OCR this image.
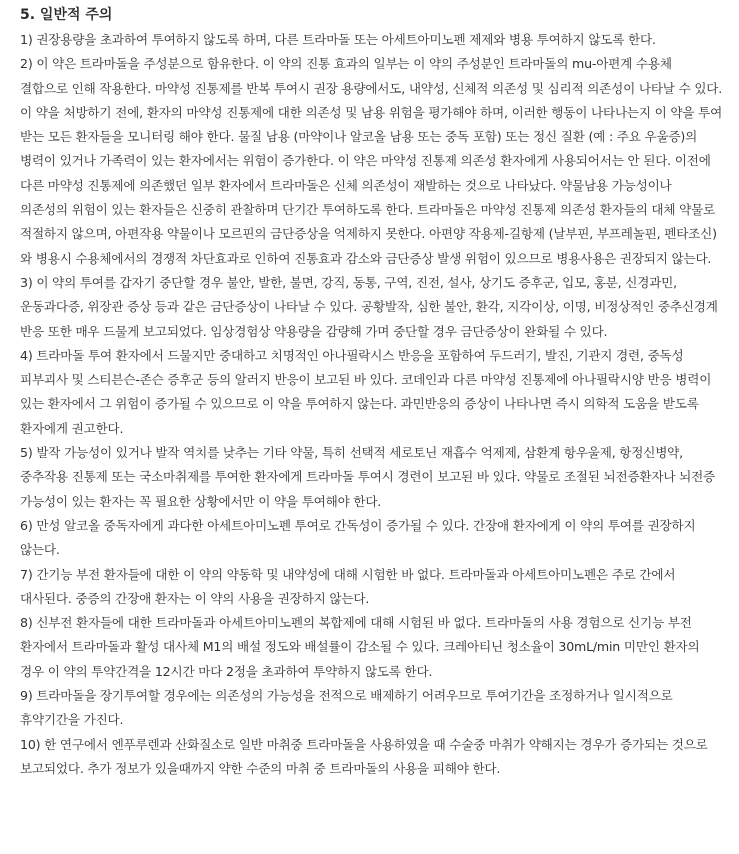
5. 일반적 주의

1) 권장용량을 초과하여 투여하지 않도록 하며, 다른 트라마돌 또는 아세트아미노펜 제제와 병용 투여하지 않도록 한다.

2) 이 약은 트라마돌을 주성분으로 함유한다. 이 약의 진통 효과의 일부는 이 약의 주성분인 트라마돌의 mu-아편계 수용체 결합으로 인해 작용한다. 마약성 진통제를 반복 투여시 권장 용량에서도, 내약성, 신체적 의존성 및 심리적 의존성이 나타날 수 있다. 이 약을 처방하기 전에, 환자의 마약성 진통제에 대한 의존성 및 남용 위험을 평가해야 하며, 이러한 행동이 나타나는지 이 약을 투여 받는 모든 환자들을 모니터링 해야 한다. 물질 남용 (마약이나 알코올 남용 또는 중독 포함) 또는 정신 질환 (예 : 주요 우울증)의 병력이 있거나 가족력이 있는 환자에서는 위험이 증가한다. 이 약은 마약성 진통제 의존성 환자에게 사용되어서는 안 된다. 이전에 다른 마약성 진통제에 의존했던 일부 환자에서 트라마돌은 신체 의존성이 재발하는 것으로 나타났다. 약물남용 가능성이나 의존성의 위험이 있는 환자들은 신중히 관찰하며 단기간 투여하도록 한다. 트라마돌은 마약성 진통제 의존성 환자들의 대체 약물로 적절하지 않으며, 아편작용 약물이나 모르핀의 금단증상을 억제하지 못한다. 아편양 작용제-길항제 (날부핀, 부프레놀핀, 펜타조신)와 병용시 수용체에서의 경쟁적 차단효과로 인하여 진통효과 감소와 금단증상 발생 위험이 있으므로 병용사용은 권장되지 않는다.

3) 이 약의 투여를 갑자기 중단할 경우 불안, 발한, 불면, 강직, 동통, 구역, 진전, 설사, 상기도 증후군, 입모, 홍분, 신경과민, 운동과다증, 위장관 증상 등과 같은 금단증상이 나타날 수 있다. 공황발작, 심한 불안, 환각, 지각이상, 이명, 비정상적인 중추신경계 반응 또한 매우 드물게 보고되었다. 임상경험상 약용량을 감량해 가며 중단할 경우 금단증상이 완화될 수 있다.

4) 트라마돌 투여 환자에서 드물지만 중대하고 치명적인 아나필락시스 반응을 포함하여 두드러기, 발진, 기관지 경련, 중독성 피부괴사 및 스티븐슨-존슨 증후군 등의 알러지 반응이 보고된 바 있다. 코데인과 다른 마약성 진통제에 아나필락시양 반응 병력이 있는 환자에서 그 위험이 증가될 수 있으므로 이 약을 투여하지 않는다. 과민반응의 증상이 나타나면 즉시 의학적 도움을 받도록 환자에게 권고한다.

5) 발작 가능성이 있거나 발작 역치를 낮추는 기타 약물, 특히 선택적 세로토닌 재흡수 억제제, 삼환계 항우울제, 항정신병약, 중추작용 진통제 또는 국소마취제를 투여한 환자에게 트라마돌 투여시 경련이 보고된 바 있다. 약물로 조절된 뇌전증환자나 뇌전증 가능성이 있는 환자는 꼭 필요한 상황에서만 이 약을 투여해야 한다.

6) 만성 알코올 중독자에게 과다한 아세트아미노펜 투여로 간독성이 증가될 수 있다. 간장애 환자에게 이 약의 투여를 권장하지 않는다.

7) 간기능 부전 환자들에 대한 이 약의 약동학 및 내약성에 대해 시험한 바 없다. 트라마돌과 아세트아미노펜은 주로 간에서 대사된다. 중증의 간장애 환자는 이 약의 사용을 권장하지 않는다.

8) 신부전 환자들에 대한 트라마돌과 아세트아미노펜의 복합제에 대해 시험된 바 없다. 트라마돌의 사용 경험으로 신기능 부전 환자에서 트라마돌과 활성 대사체 M1의 배설 정도와 배설률이 감소될 수 있다. 크레아티닌 청소율이 30mL/min 미만인 환자의 경우 이 약의 투약간격을 12시간 마다 2정을 초과하여 투약하지 않도록 한다.

9) 트라마돌을 장기투여할 경우에는 의존성의 가능성을 전적으로 배제하기 어려우므로 투여기간을 조정하거나 일시적으로 휴약기간을 가진다.

10) 한 연구에서 엔푸루렌과 산화질소로 일반 마취중 트라마돌을 사용하였을 때 수술중 마취가 약해지는 경우가 증가되는 것으로 보고되었다. 추가 정보가 있을때까지 약한 수준의 마취 중 트라마돌의 사용을 피해야 한다.
